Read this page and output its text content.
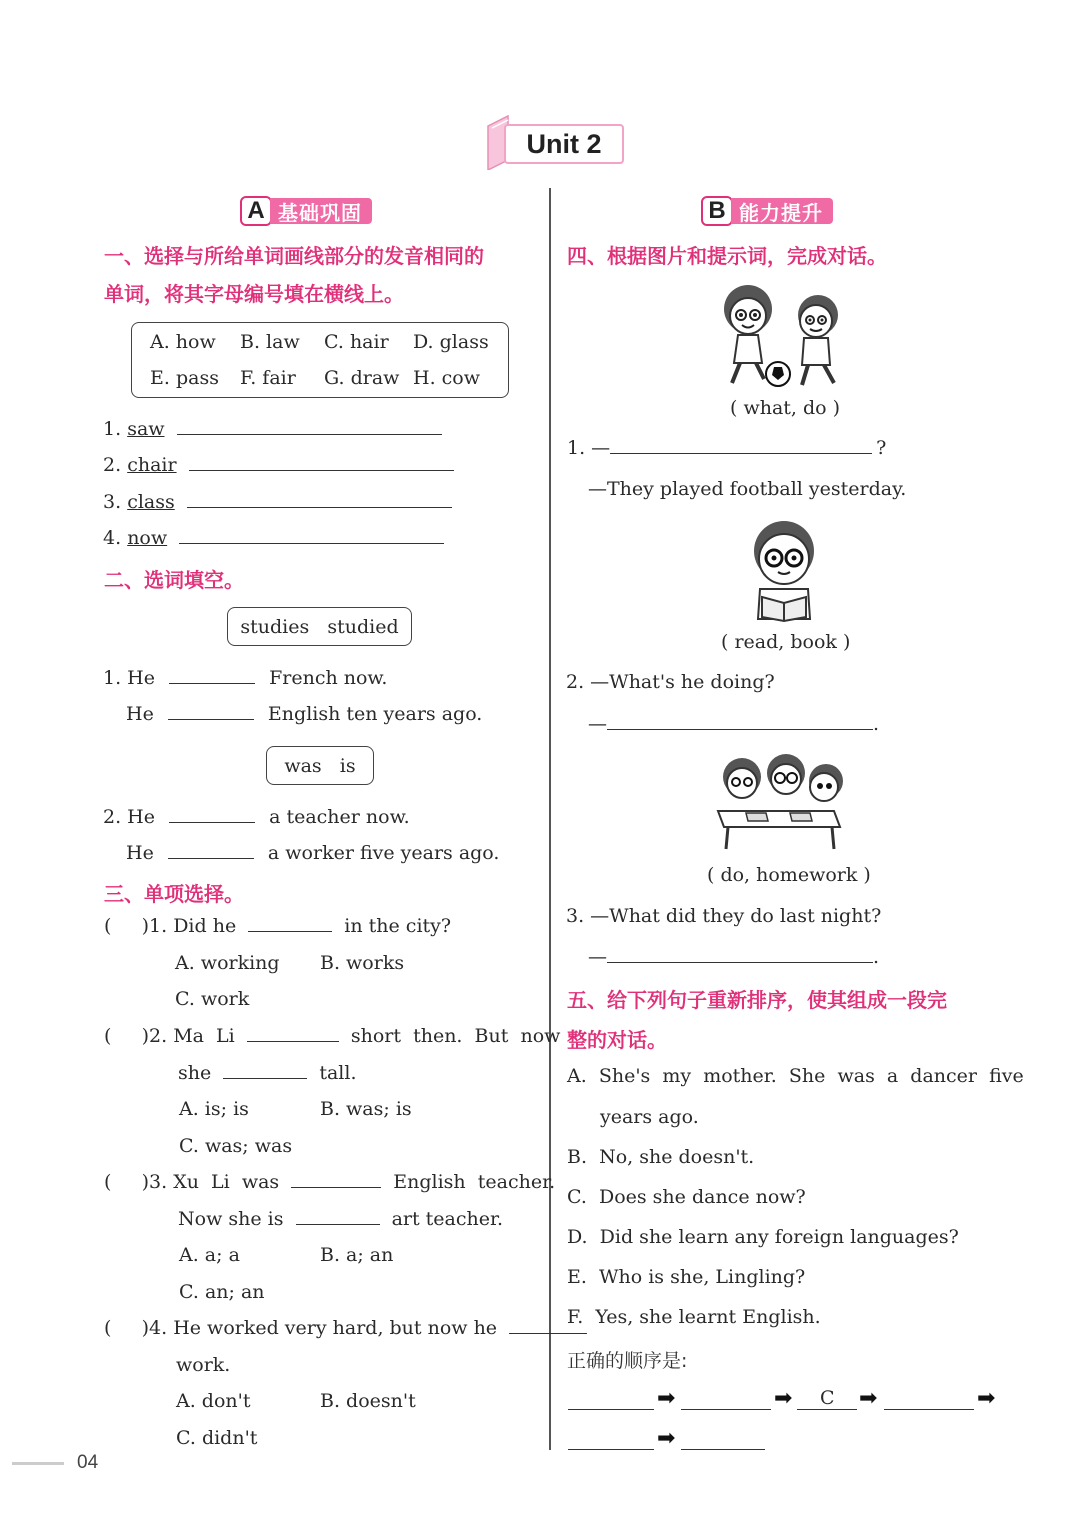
Unit 2
A 基础巩固
一、选择与所给单词画线部分的发音相同的
单词，将其字母编号填在横线上。
A. how B. law C. hair D. glass
E. pass F. fair G. draw H. cow
1. saw
2. chair
3. class
4. now
二、选词填空。
studies   studied
1. He	French now.
He	English ten years ago.
was   is
2. He	a teacher now.
He	a worker five years ago.
三、单项选择。
(     )1. Did he	in the city?
A. working B. works
C. work
(     )2. Ma  Li	short  then.  But  now
she	tall.
A. is; is	B. was; is
C. was; was
(     )3. Xu  Li  was	English  teacher.
Now she is	art teacher.
A. a; a	B. a; an
C. an; an
(     )4. He worked very hard, but now he
work.
A. don't	B. doesn't
C. didn't
04
B 能力提升
四、根据图片和提示词，完成对话。
( what, do )
1. —	?
—They played football yesterday.
( read, book )
2. —What's he doing?
—	.
( do, homework )
3. —What did they do last night?
—	.
五、给下列句子重新排序，使其组成一段完
整的对话。
A.  She's  my  mother.  She  was  a  dancer  five
years ago.
B.  No, she doesn't.
C.  Does she dance now?
D.  Did she learn any foreign languages?
E.  Who is she, Lingling?
F.  Yes, she learnt English.
正确的顺序是:
➡	➡ C ➡	➡
➡
